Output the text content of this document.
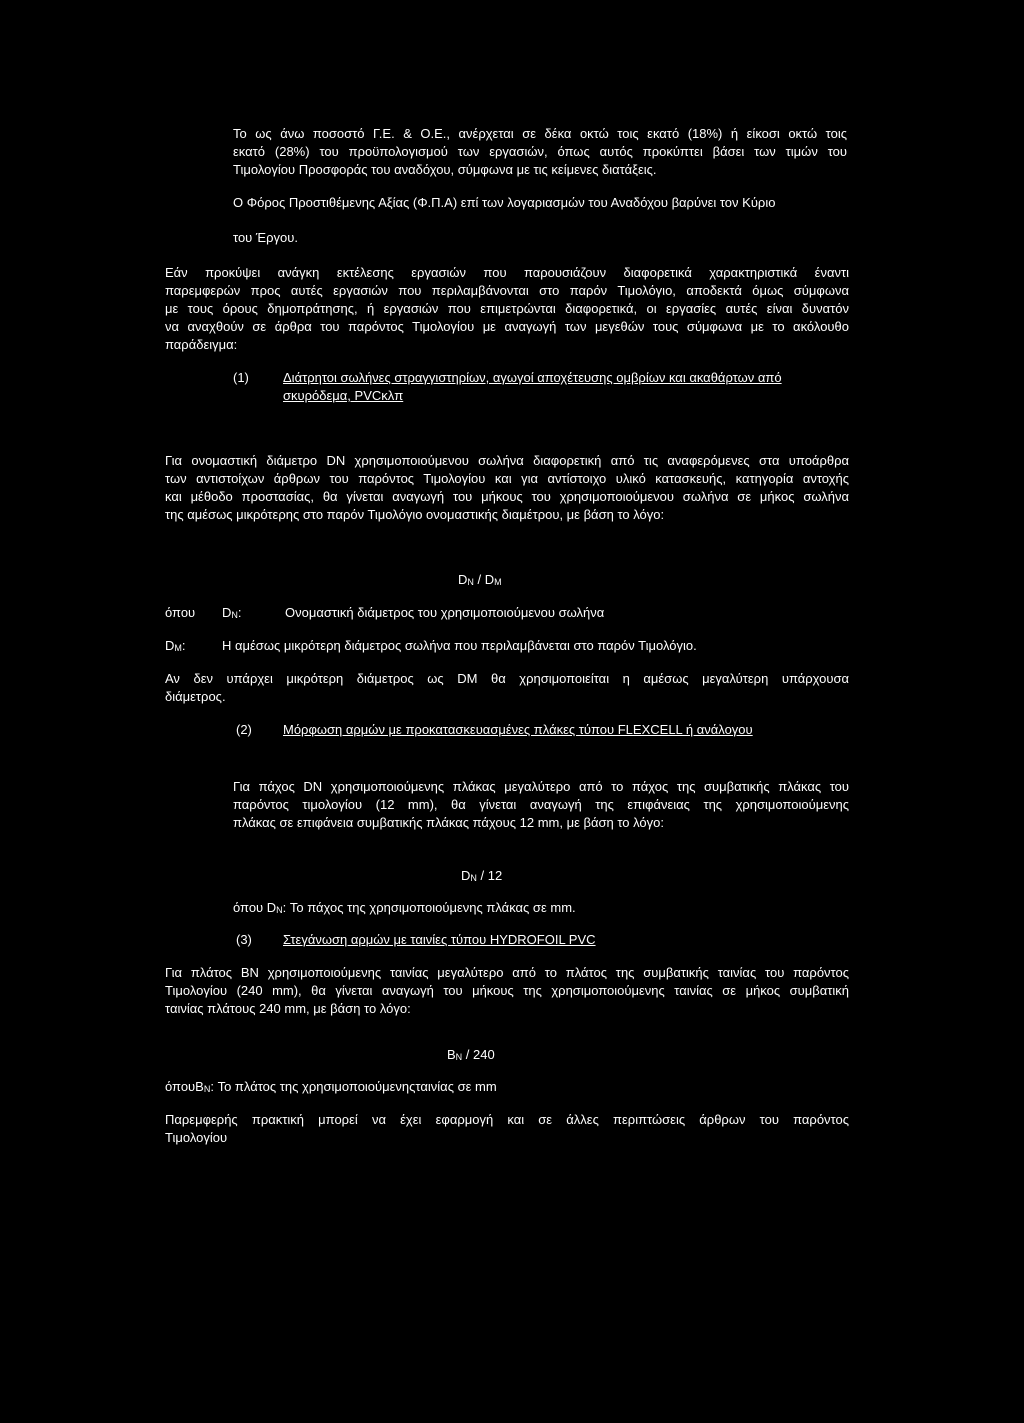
Το ως άνω ποσοστό Γ.Ε. & Ο.Ε., ανέρχεται σε δέκα οκτώ τοις εκατό (18%) ή είκοσι οκτώ τοις

εκατό (28%) του προϋπολογισμού των εργασιών, όπως αυτός προκύπτει βάσει των τιμών του

Τιμολογίου Προσφοράς του αναδόχου, σύμφωνα με τις κείμενες διατάξεις.

Ο Φόρος Προστιθέμενης Αξίας (Φ.Π.Α) επί των λογαριασμών του Αναδόχου βαρύνει τον Κύριο

του Έργου.

Εάν προκύψει ανάγκη εκτέλεσης εργασιών που παρουσιάζουν διαφορετικά χαρακτηριστικά έναντι

παρεμφερών προς αυτές εργασιών που περιλαμβάνονται στο παρόν Τιμολόγιο, αποδεκτά όμως σύμφωνα

με τους όρους δημοπράτησης, ή εργασιών που επιμετρώνται διαφορετικά, οι εργασίες αυτές είναι δυνατόν

να αναχθούν σε άρθρα του παρόντος Τιμολογίου με αναγωγή των μεγεθών τους σύμφωνα με το ακόλουθο

παράδειγμα:

(1)	Διάτρητοι σωλήνες στραγγιστηρίων, αγωγοί αποχέτευσης ομβρίων και ακαθάρτων από
σκυρόδεμα, PVCκλπ

Για ονομαστική διάμετρο DN χρησιμοποιούμενου σωλήνα διαφορετική από τις αναφερόμενες στα υποάρθρα

των αντιστοίχων άρθρων του παρόντος Τιμολογίου και για αντίστοιχο υλικό κατασκευής, κατηγορία αντοχής

και μέθοδο προστασίας, θα γίνεται αναγωγή του μήκους του χρησιμοποιούμενου σωλήνα σε μήκος σωλήνα

της αμέσως μικρότερης στο παρόν Τιμολόγιο ονομαστικής διαμέτρου, με βάση το λόγο:

$D_N / D_M$
όπου $D_N$:	Ονομαστική διάμετρος του χρησιμοποιούμενου σωλήνα
$D_M$:	Η αμέσως μικρότερη διάμετρος σωλήνα που περιλαμβάνεται στο παρόν Τιμολόγιο.

Αν δεν υπάρχει μικρότερη διάμετρος ως DM θα χρησιμοποιείται η αμέσως μεγαλύτερη υπάρχουσα

διάμετρος.

(2) Μόρφωση αρμών με προκατασκευασμένες πλάκες τύπου FLEXCELL ή ανάλογου

Για πάχος DN χρησιμοποιούμενης πλάκας μεγαλύτερο από το πάχος της συμβατικής πλάκας του

παρόντος τιμολογίου (12 mm), θα γίνεται αναγωγή της επιφάνειας της χρησιμοποιούμενης

πλάκας σε επιφάνεια συμβατικής πλάκας πάχους 12 mm, με βάση το λόγο:

$D_N / 12$
όπου $D_N$: Το πάχος της χρησιμοποιούμενης πλάκας σε mm.
(3) Στεγάνωση αρμών με ταινίες τύπου HYDROFOIL PVC

Για πλάτος BN χρησιμοποιούμενης ταινίας μεγαλύτερο από το πλάτος της συμβατικής ταινίας του παρόντος

Τιμολογίου (240 mm), θα γίνεται αναγωγή του μήκους της χρησιμοποιούμενης ταινίας σε μήκος συμβατική

ταινίας πλάτους 240 mm, με βάση το λόγο:

$B_N / 240$
όπουB$_N$: Το πλάτος της χρησιμοποιούμενηςταινίας σε mm

Παρεμφερής πρακτική μπορεί να έχει εφαρμογή και σε άλλες περιπτώσεις άρθρων του παρόντος

Τιμολογίου
